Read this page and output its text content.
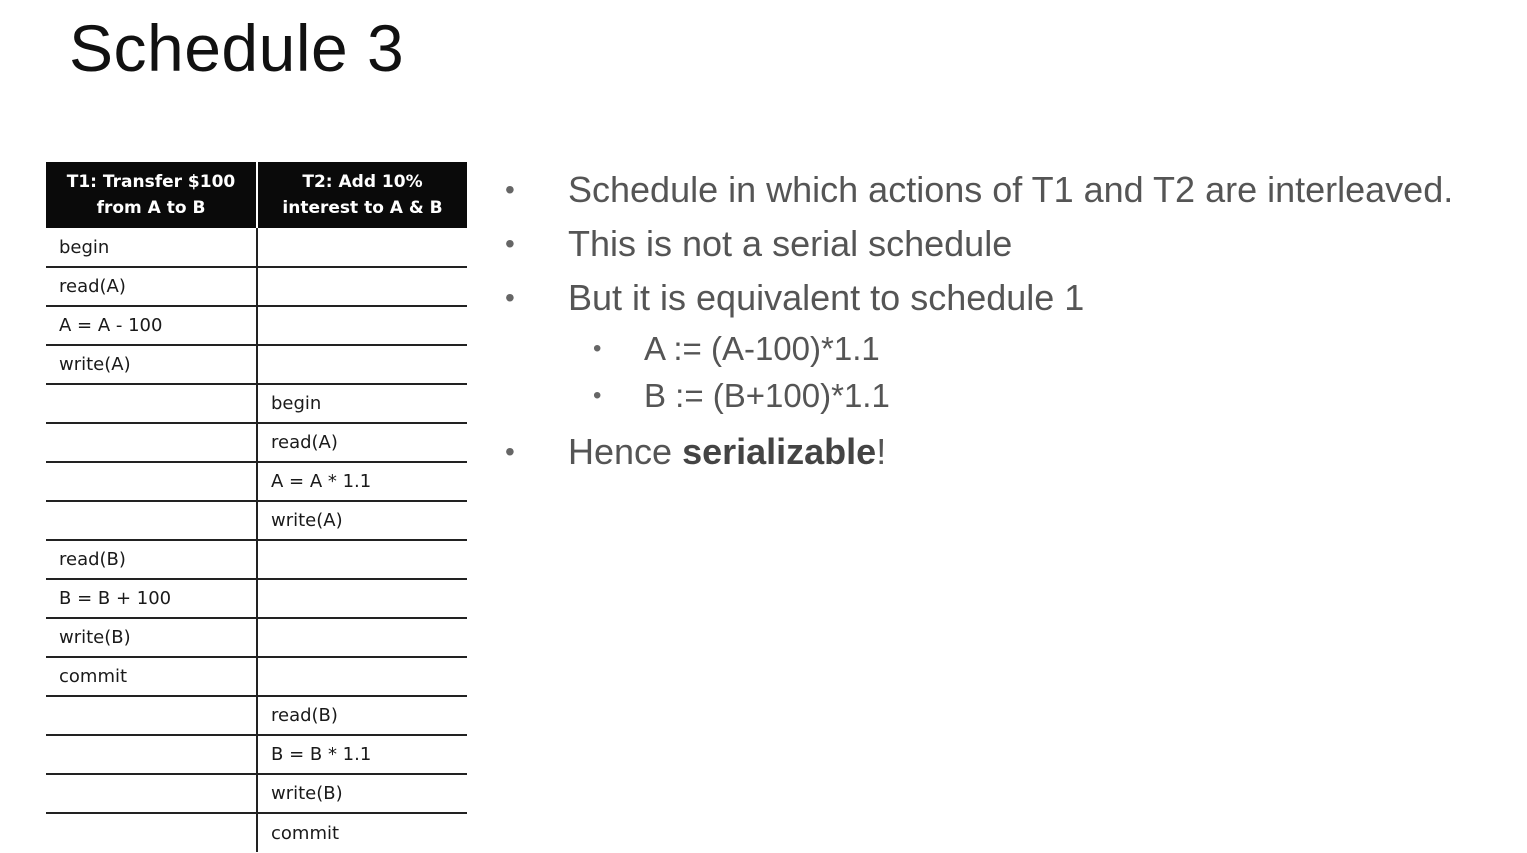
Schedule 3
T1: Transfer $100
from A to B	T2: Add 10%
interest to A & B
begin	
read(A)	
A = A - 100	
write(A)	
	begin
	read(A)
	A = A * 1.1
	write(A)
read(B)	
B = B + 100	
write(B)	
commit	
	read(B)
	B = B * 1.1
	write(B)
	commit
• Schedule in which actions of T1 and T2 are interleaved.
• This is not a serial schedule
• But it is equivalent to schedule 1
• A := (A-100)*1.1
• B := (B+100)*1.1
• Hence serializable!
